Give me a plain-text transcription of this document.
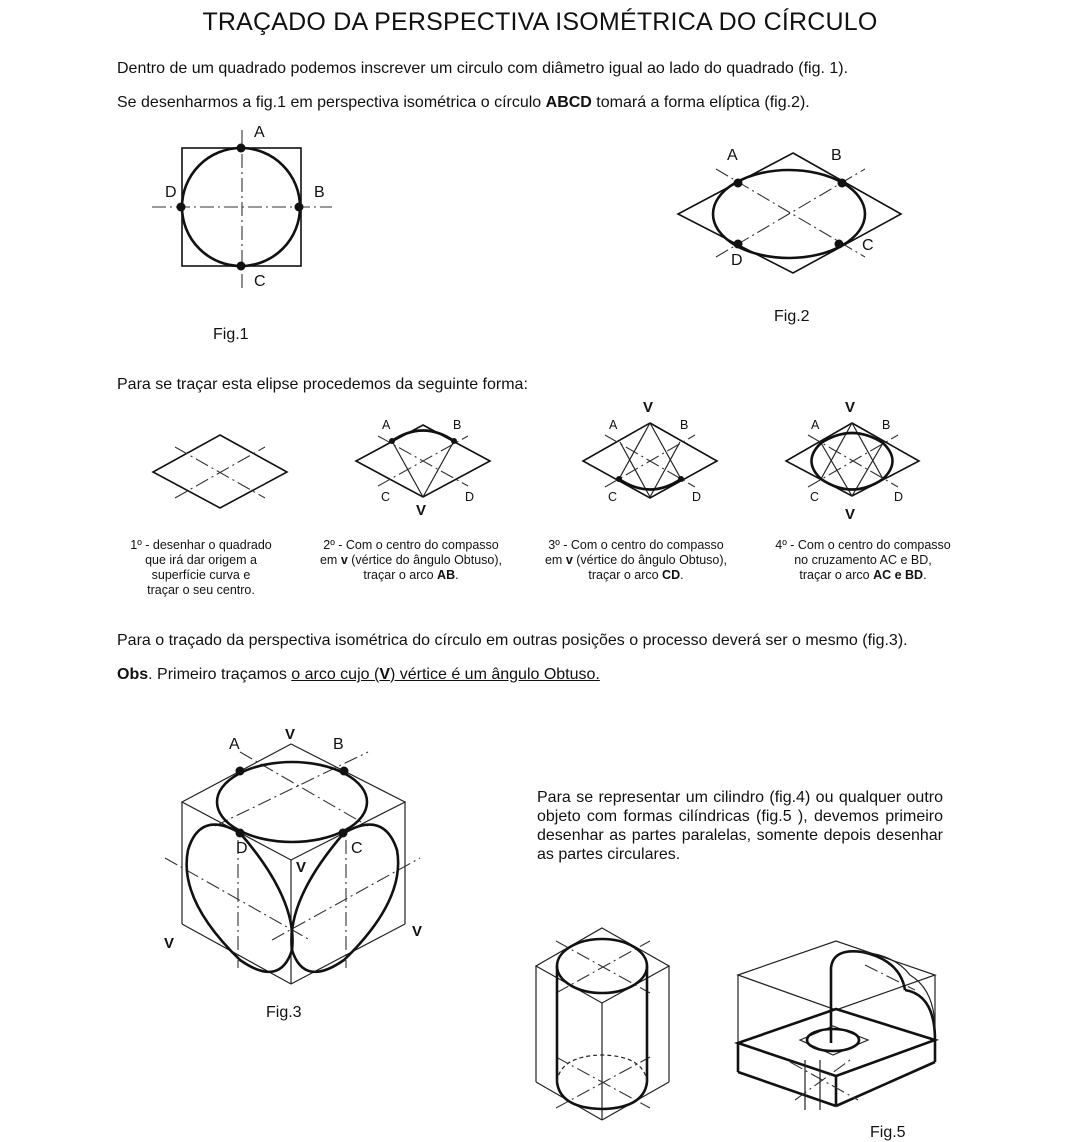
TRAÇADO DA PERSPECTIVA ISOMÉTRICA DO CÍRCULO
Dentro de um quadrado podemos inscrever um circulo com diâmetro igual ao lado do quadrado (fig. 1).
Se desenharmos a fig.1 em perspectiva isométrica o círculo ABCD tomará a forma elíptica (fig.2).
A
B
C
D
A	B
C
D
A	B
C	D
V
V
A	B
C	D
V
A	B
C	D
V
A	B
C
D
V
V
V
V
Fig.1
Fig.2
Para se traçar esta elipse procedemos da seguinte forma:
1º - desenhar o quadrado
que irá dar origem a
superfície curva e
traçar o seu centro.
2º - Com o centro do compasso
em v (vértice do ângulo Obtuso),
traçar o arco AB.
3º - Com o centro do compasso
em v (vértice do ângulo Obtuso),
traçar o arco CD.
4º - Com o centro do compasso
no cruzamento AC e BD,
traçar o arco AC e BD.
Para o traçado da perspectiva isométrica do círculo em outras posições o processo deverá ser o mesmo (fig.3).
Obs. Primeiro traçamos o arco cujo (V) vértice é um ângulo Obtuso.
Fig.3
Para se representar um cilindro (fig.4) ou qualquer outro objeto com formas cilíndricas (fig.5 ), devemos primeiro desenhar as partes paralelas, somente depois desenhar as partes circulares.
Fig.5
